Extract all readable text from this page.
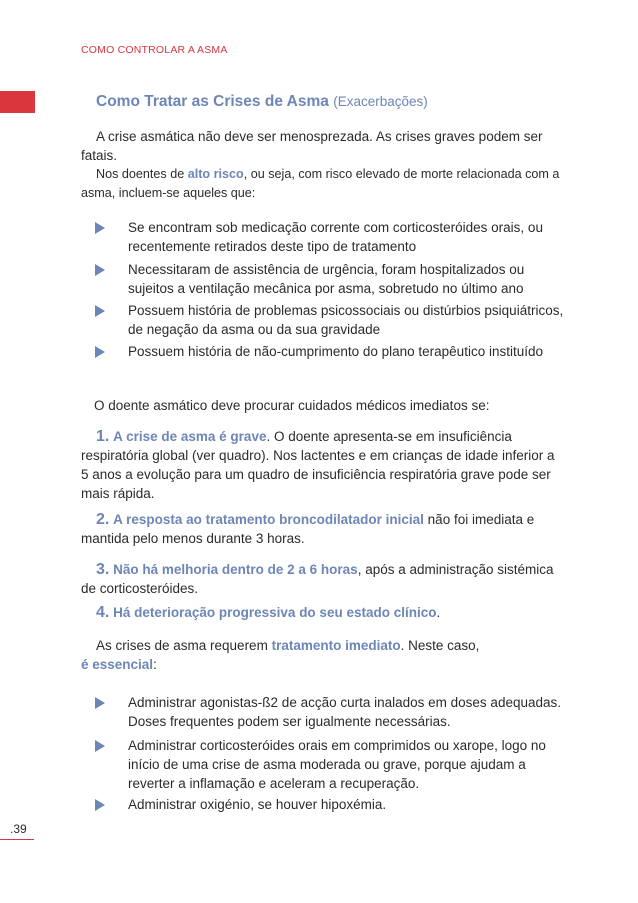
COMO CONTROLAR A ASMA
Como Tratar as Crises de Asma (Exacerbações)
A crise asmática não deve ser menosprezada. As crises graves podem ser fatais.
Nos doentes de alto risco, ou seja, com risco elevado de morte relacionada com a asma, incluem-se aqueles que:
Se encontram sob medicação corrente com corticosteróides orais, ou recentemente retirados deste tipo de tratamento
Necessitaram de assistência de urgência, foram hospitalizados ou sujeitos a ventilação mecânica por asma, sobretudo no último ano
Possuem história de problemas psicossociais ou distúrbios psiquiátricos, de negação da asma ou da sua gravidade
Possuem história de não-cumprimento do plano terapêutico instituído
O doente asmático deve procurar cuidados médicos imediatos se:
1. A crise de asma é grave. O doente apresenta-se em insuficiência respiratória global (ver quadro). Nos lactentes e em crianças de idade inferior a 5 anos a evolução para um quadro de insuficiência respiratória grave pode ser mais rápida.
2. A resposta ao tratamento broncodilatador inicial não foi imediata e mantida pelo menos durante 3 horas.
3. Não há melhoria dentro de 2 a 6 horas, após a administração sistémica de corticosteróides.
4. Há deterioração progressiva do seu estado clínico.
As crises de asma requerem tratamento imediato. Neste caso,
é essencial:
Administrar agonistas-ß2 de acção curta inalados em doses adequadas. Doses frequentes podem ser igualmente necessárias.
Administrar corticosteróides orais em comprimidos ou xarope, logo no início de uma crise de asma moderada ou grave, porque ajudam a reverter a inflamação e aceleram a recuperação.
Administrar oxigénio, se houver hipoxémia.
.39
